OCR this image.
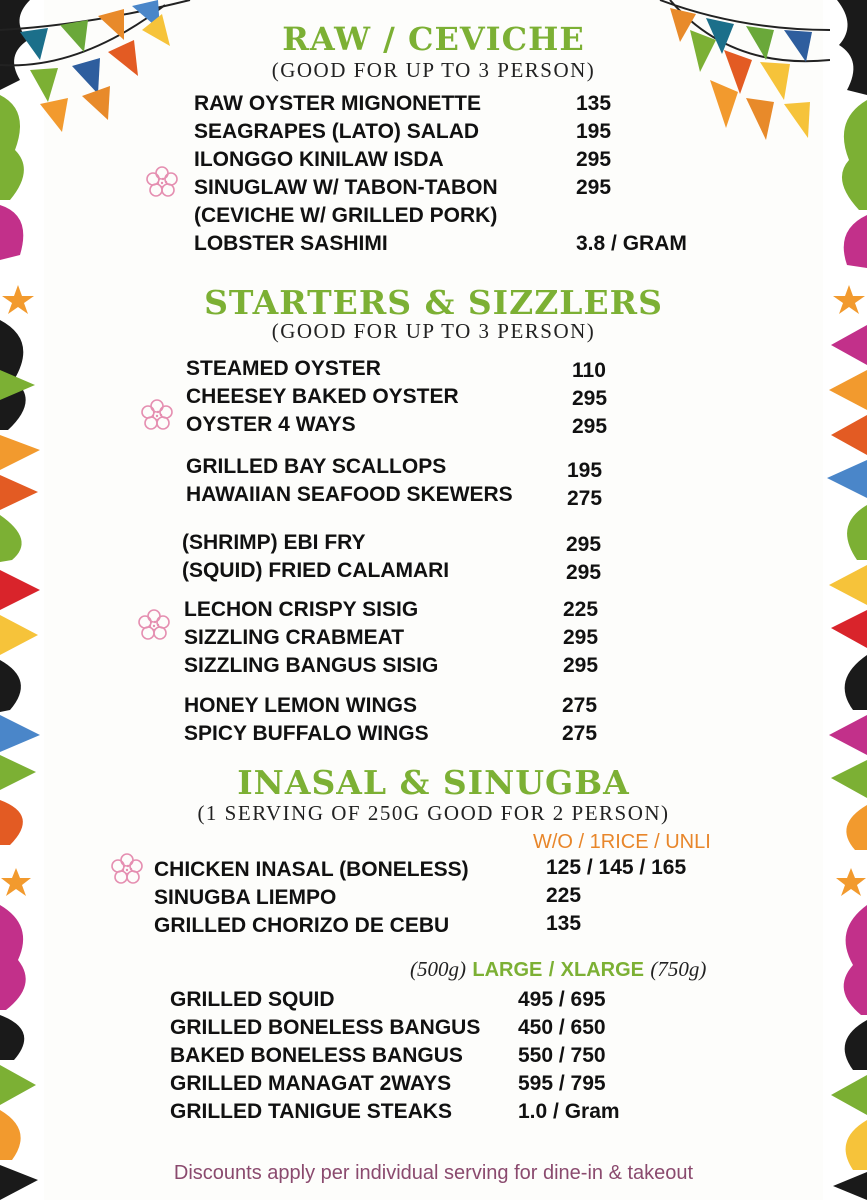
RAW / CEVICHE
(GOOD FOR UP TO 3 PERSON)
RAW OYSTER MIGNONETTE	135
SEAGRAPES (LATO) SALAD	195
ILONGGO KINILAW ISDA	295
SINUGLAW W/ TABON-TABON	295
(CEVICHE W/ GRILLED PORK)
LOBSTER SASHIMI	3.8 / GRAM
STARTERS & SIZZLERS
(GOOD FOR UP TO 3 PERSON)
STEAMED OYSTER	110
CHEESEY BAKED OYSTER	295
OYSTER 4 WAYS	295
GRILLED BAY SCALLOPS	195
HAWAIIAN SEAFOOD SKEWERS	275
(SHRIMP) EBI FRY	295
(SQUID) FRIED CALAMARI	295
LECHON CRISPY SISIG	225
SIZZLING CRABMEAT	295
SIZZLING BANGUS SISIG	295
HONEY LEMON WINGS	275
SPICY BUFFALO WINGS	275
INASAL & SINUGBA
(1 SERVING OF 250G GOOD FOR 2 PERSON)
W/O / 1RICE / UNLI
CHICKEN INASAL (BONELESS)	125 / 145 / 165
SINUGBA LIEMPO	225
GRILLED CHORIZO DE CEBU	135
(500g) LARGE / XLARGE (750g)
GRILLED SQUID	495 / 695
GRILLED BONELESS BANGUS 450 / 650
BAKED BONELESS BANGUS	550 / 750
GRILLED MANAGAT 2WAYS	595 / 795
GRILLED TANIGUE STEAKS	1.0 / Gram
Discounts apply per individual serving for dine-in & takeout
